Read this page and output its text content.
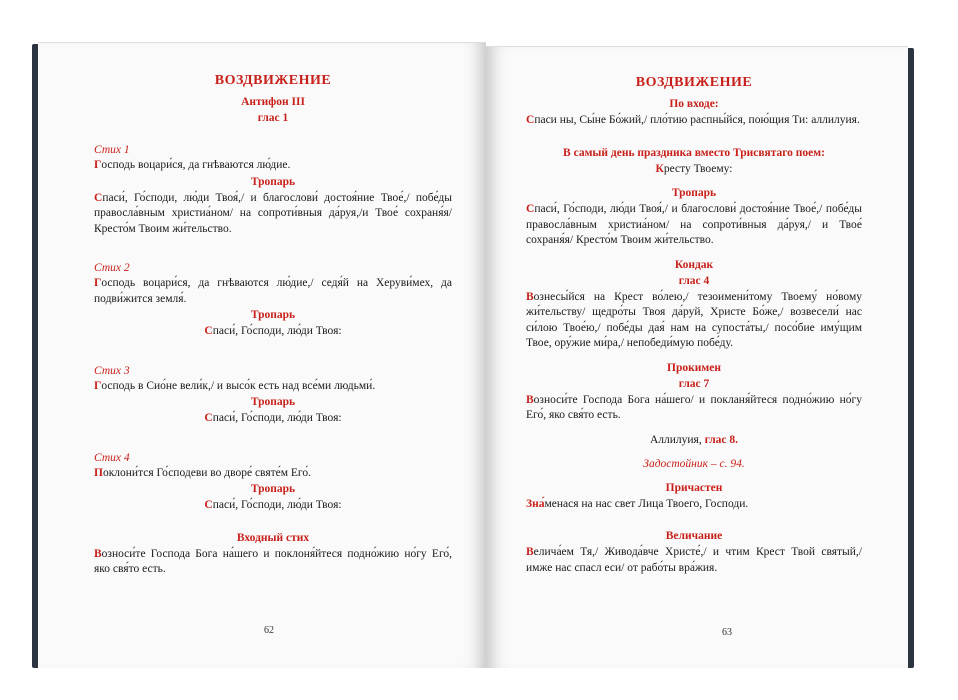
ВОЗДВИЖЕНИЕ

Антифон III

глас 1

Стих 1

Господь воцари́ся, да гнѣваются лю́дие.

Тропарь

Спаси́, Го́споди, лю́ди Твоя́,/ и благослови́ достоя́ние Твое́,/ побе́ды правосла́вным христиа́ном/ на сопроти́вныя да́руя,/и Твое́ сохраня́я/ Кресто́м Твоим жи́тельство.

Стих 2

Господь воцари́ся, да гнѣваются лю́дие,/ седя́й на Херуви́мех, да подви́жится земля́.

Тропарь

Спаси́, Го́споди, лю́ди Твоя:

Стих 3

Господь в Сио́не вели́к,/ и высо́к есть над все́ми людьми́.

Тропарь

Спаси́, Го́споди, лю́ди Твоя:

Стих 4

Поклони́тся Го́сподеви во дворе́ святе́м Его́.

Тропарь

Спаси́, Го́споди, лю́ди Твоя:

Входный стих

Возноси́те Господа Бога на́шего и поклоня́йтеся подно́жию но́гу Его́, яко свя́то есть.

62

ВОЗДВИЖЕНИЕ

По входе:

Спаси ны, Сы́не Бо́жий,/ пло́тию распны́йся, пою́щия Ти: аллилуия.

В самый день праздника вместо Трисвятаго поем:

Кресту Твоему:

Тропарь

Спаси́, Го́споди, лю́ди Твоя́,/ и благослови́ достоя́ние Твое́,/ побе́ды правосла́вным христиа́ном/ на сопроти́вныя да́руя,/ и Твое́ сохраня́я/ Кресто́м Твоим жи́тельство.

Кондак

глас 4

Вознесы́йся на Крест во́лею,/ тезоимени́тому Твоему́ но́вому жи́тельству/ щедро́ты Твоя да́руй, Христе Бо́же,/ возвесели́ нас си́лою Твое́ю,/ побе́ды дая́ нам на супоста́ты,/ посо́бие иму́щим Твое, ору́жие ми́ра,/ непобеди́мую побе́ду.

Прокимен

глас 7

Возноси́те Господа Бога на́шего/ и покланя́йтеся подно́жию но́гу Его́, яко свя́то есть.

Аллилуия, глас 8.

Задостойник – с. 94.

Причастен

Зна́менася на нас свет Лица Твоего, Господи.

Величание

Велича́ем Тя,/ Живода́вче Христе́,/ и чтим Крест Твой святый,/ имже нас спасл еси/ от рабо́ты вра́жия.

63
